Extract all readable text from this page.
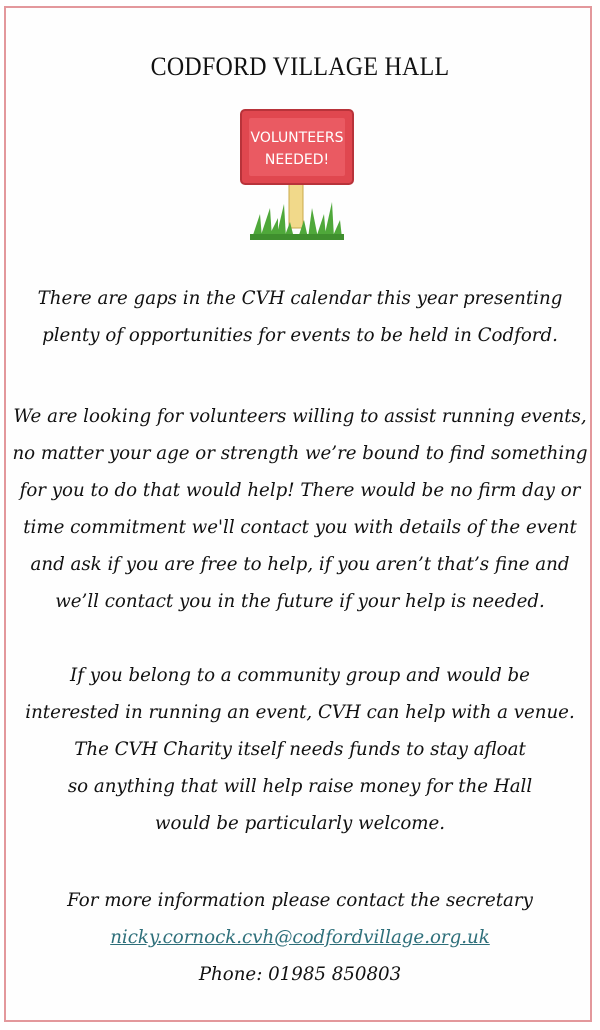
CODFORD VILLAGE HALL
VOLUNTEERS
NEEDED!
There are gaps in the CVH calendar this year presenting
plenty of opportunities for events to be held in Codford.
We are looking for volunteers willing to assist running events,
no matter your age or strength we’re bound to find something
for you to do that would help! There would be no firm day or
time commitment we'll contact you with details of the event
and ask if you are free to help, if you aren’t that’s fine and
we’ll contact you in the future if your help is needed.
If you belong to a community group and would be
interested in running an event, CVH can help with a venue.
The CVH Charity itself needs funds to stay afloat
so anything that will help raise money for the Hall
would be particularly welcome.
For more information please contact the secretary
nicky.cornock.cvh@codfordvillage.org.uk
Phone: 01985 850803
